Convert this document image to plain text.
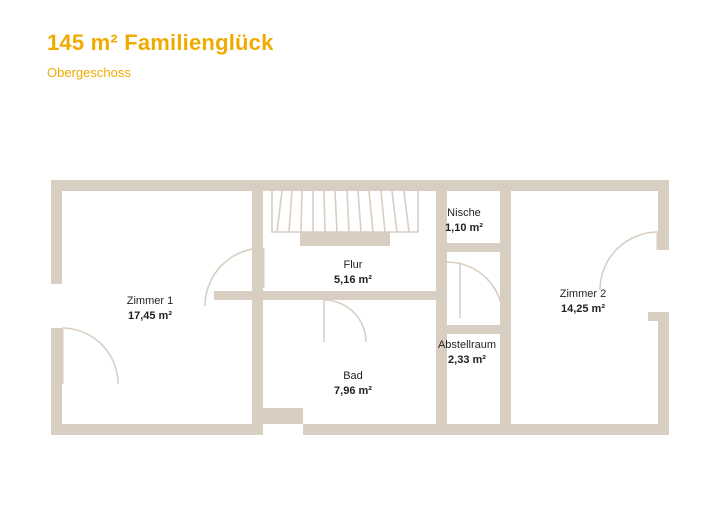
145 m² Familienglück
Obergeschoss
Zimmer 1
17,45 m²
Flur
5,16 m²
Nische
1,10 m²
Zimmer 2
14,25 m²
Abstellraum
2,33 m²
Bad
7,96 m²
